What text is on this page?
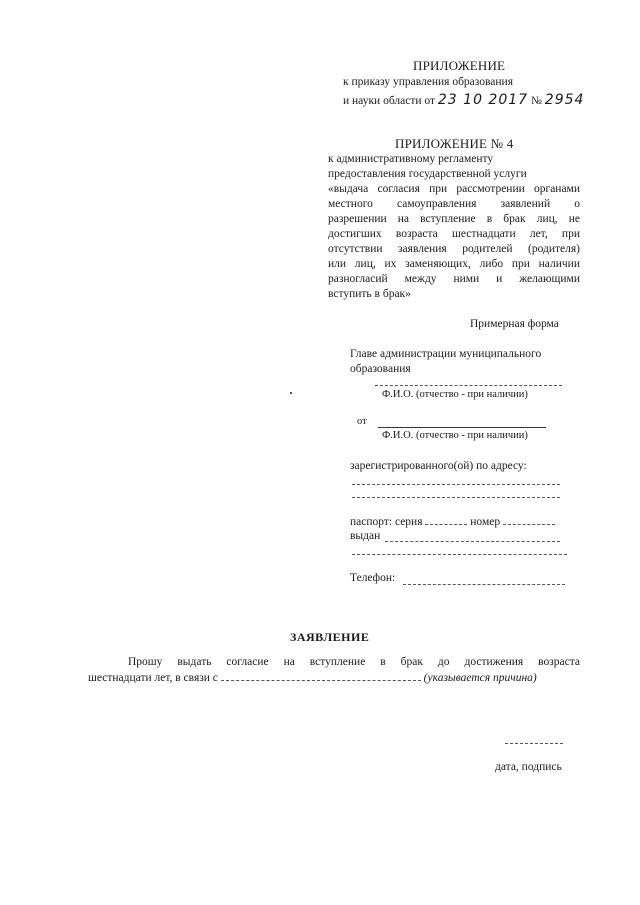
ПРИЛОЖЕНИЕ
к приказу управления образования
и науки области от 23 10 2017 № 2954
ПРИЛОЖЕНИЕ № 4
к административному регламенту
предоставления государственной услуги
«выдача согласия при рассмотрении органами
местного самоуправления заявлений о
разрешении на вступление в брак лиц, не
достигших возраста шестнадцати лет, при
отсутствии заявления родителей (родителя)
или лиц, их заменяющих, либо при наличии
разногласий между ними и желающими
вступить в брак»
Примерная форма
Главе администрации муниципального
образования
Ф.И.О. (отчество - при наличии)
от
Ф.И.О. (отчество - при наличии)
зарегистрированного(ой) по адресу:
паспорт: серия	номер
выдан
Телефон:
ЗАЯВЛЕНИЕ
Прошу выдать согласие на вступление в брак до достижения возраста
шестнадцати лет, в связи с	(указывается причина)
дата, подпись
